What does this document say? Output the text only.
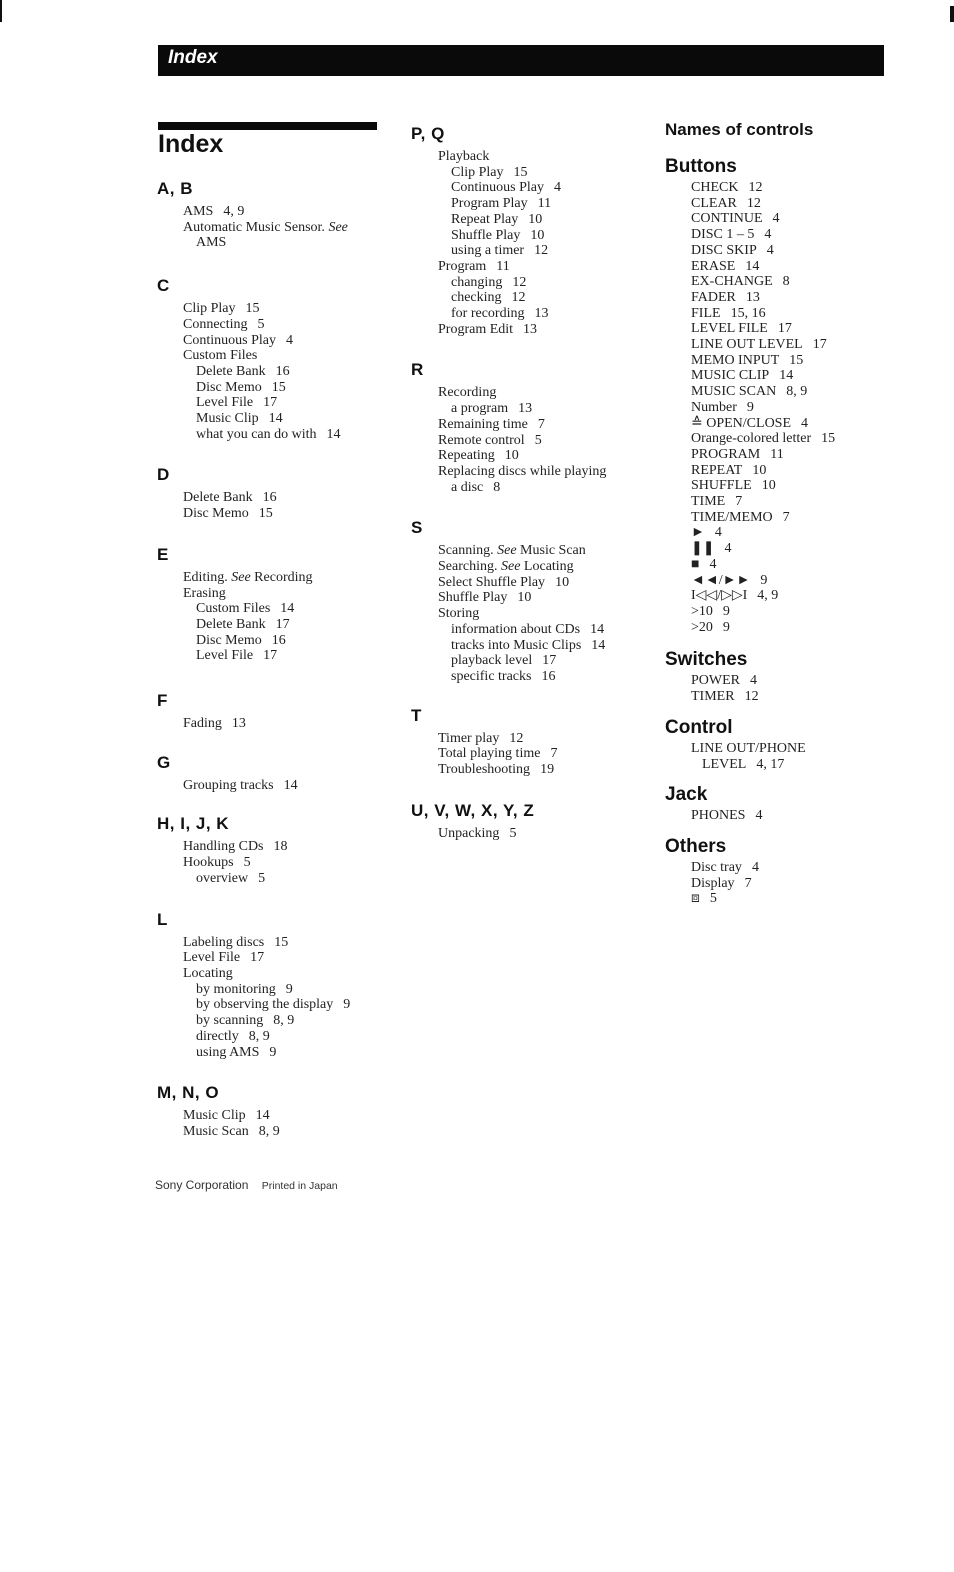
Index
Index
A, B
AMS 4, 9
Automatic Music Sensor. See
AMS
C
Clip Play 15
Connecting 5
Continuous Play 4
Custom Files
Delete Bank 16
Disc Memo 15
Level File 17
Music Clip 14
what you can do with 14
D
Delete Bank 16
Disc Memo 15
E
Editing. See Recording
Erasing
Custom Files 14
Delete Bank 17
Disc Memo 16
Level File 17
F
Fading 13
G
Grouping tracks 14
H, I, J, K
Handling CDs 18
Hookups 5
overview 5
L
Labeling discs 15
Level File 17
Locating
by monitoring 9
by observing the display 9
by scanning 8, 9
directly 8, 9
using AMS 9
M, N, O
Music Clip 14
Music Scan 8, 9
P, Q
Playback
Clip Play 15
Continuous Play 4
Program Play 11
Repeat Play 10
Shuffle Play 10
using a timer 12
Program 11
changing 12
checking 12
for recording 13
Program Edit 13
R
Recording
a program 13
Remaining time 7
Remote control 5
Repeating 10
Replacing discs while playing
a disc 8
S
Scanning. See Music Scan
Searching. See Locating
Select Shuffle Play 10
Shuffle Play 10
Storing
information about CDs 14
tracks into Music Clips 14
playback level 17
specific tracks 16
T
Timer play 12
Total playing time 7
Troubleshooting 19
U, V, W, X, Y, Z
Unpacking 5
Names of controls
Buttons
CHECK 12
CLEAR 12
CONTINUE 4
DISC 1 – 5 4
DISC SKIP 4
ERASE 14
EX-CHANGE 8
FADER 13
FILE 15, 16
LEVEL FILE 17
LINE OUT LEVEL 17
MEMO INPUT 15
MUSIC CLIP 14
MUSIC SCAN 8, 9
Number 9
≙ OPEN/CLOSE 4
Orange-colored letter 15
PROGRAM 11
REPEAT 10
SHUFFLE 10
TIME 7
TIME/MEMO 7
► 4
❚❚ 4
■ 4
◄◄/►► 9
I◁◁/▷▷I 4, 9
>10 9
>20 9
Switches
POWER 4
TIMER 12
Control
LINE OUT/PHONE
LEVEL 4, 17
Jack
PHONES 4
Others
Disc tray 4
Display 7
⧈ 5
Sony Corporation Printed in Japan
